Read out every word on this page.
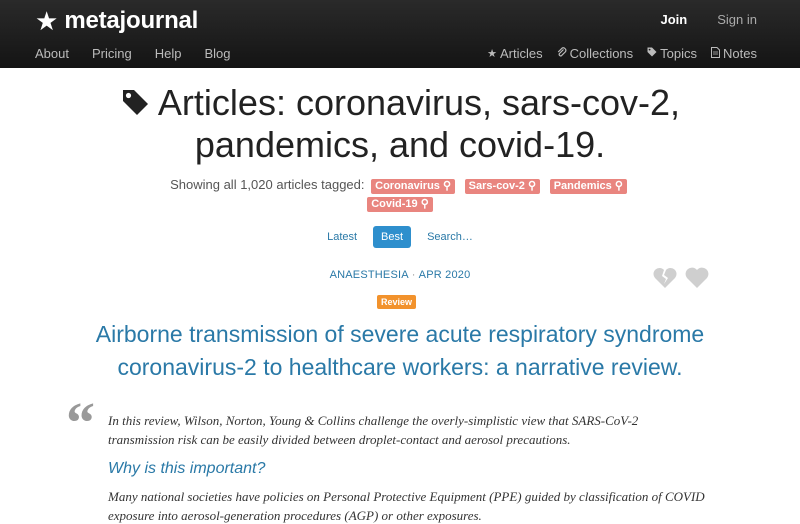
★ metajournal	Join Sign in
About Pricing Help Blog	★ Articles Collections Topics Notes
Articles: coronavirus, sars-cov-2, pandemics, and covid-19.
Showing all 1,020 articles tagged: Coronavirus ⚲ Sars-cov-2 ⚲ Pandemics ⚲
Covid-19 ⚲
Latest	Best	Search…
ANAESTHESIA · APR 2020
Review
Airborne transmission of severe acute respiratory syndrome coronavirus-2 to healthcare workers: a narrative review.
“ In this review, Wilson, Norton, Young & Collins challenge the overly-simplistic view that SARS-CoV-2 transmission risk can be easily divided between droplet-contact and aerosol precautions.
Why is this important?
Many national societies have policies on Personal Protective Equipment (PPE) guided by classification of COVID exposure into aerosol-generation procedures (AGP) or other exposures.
